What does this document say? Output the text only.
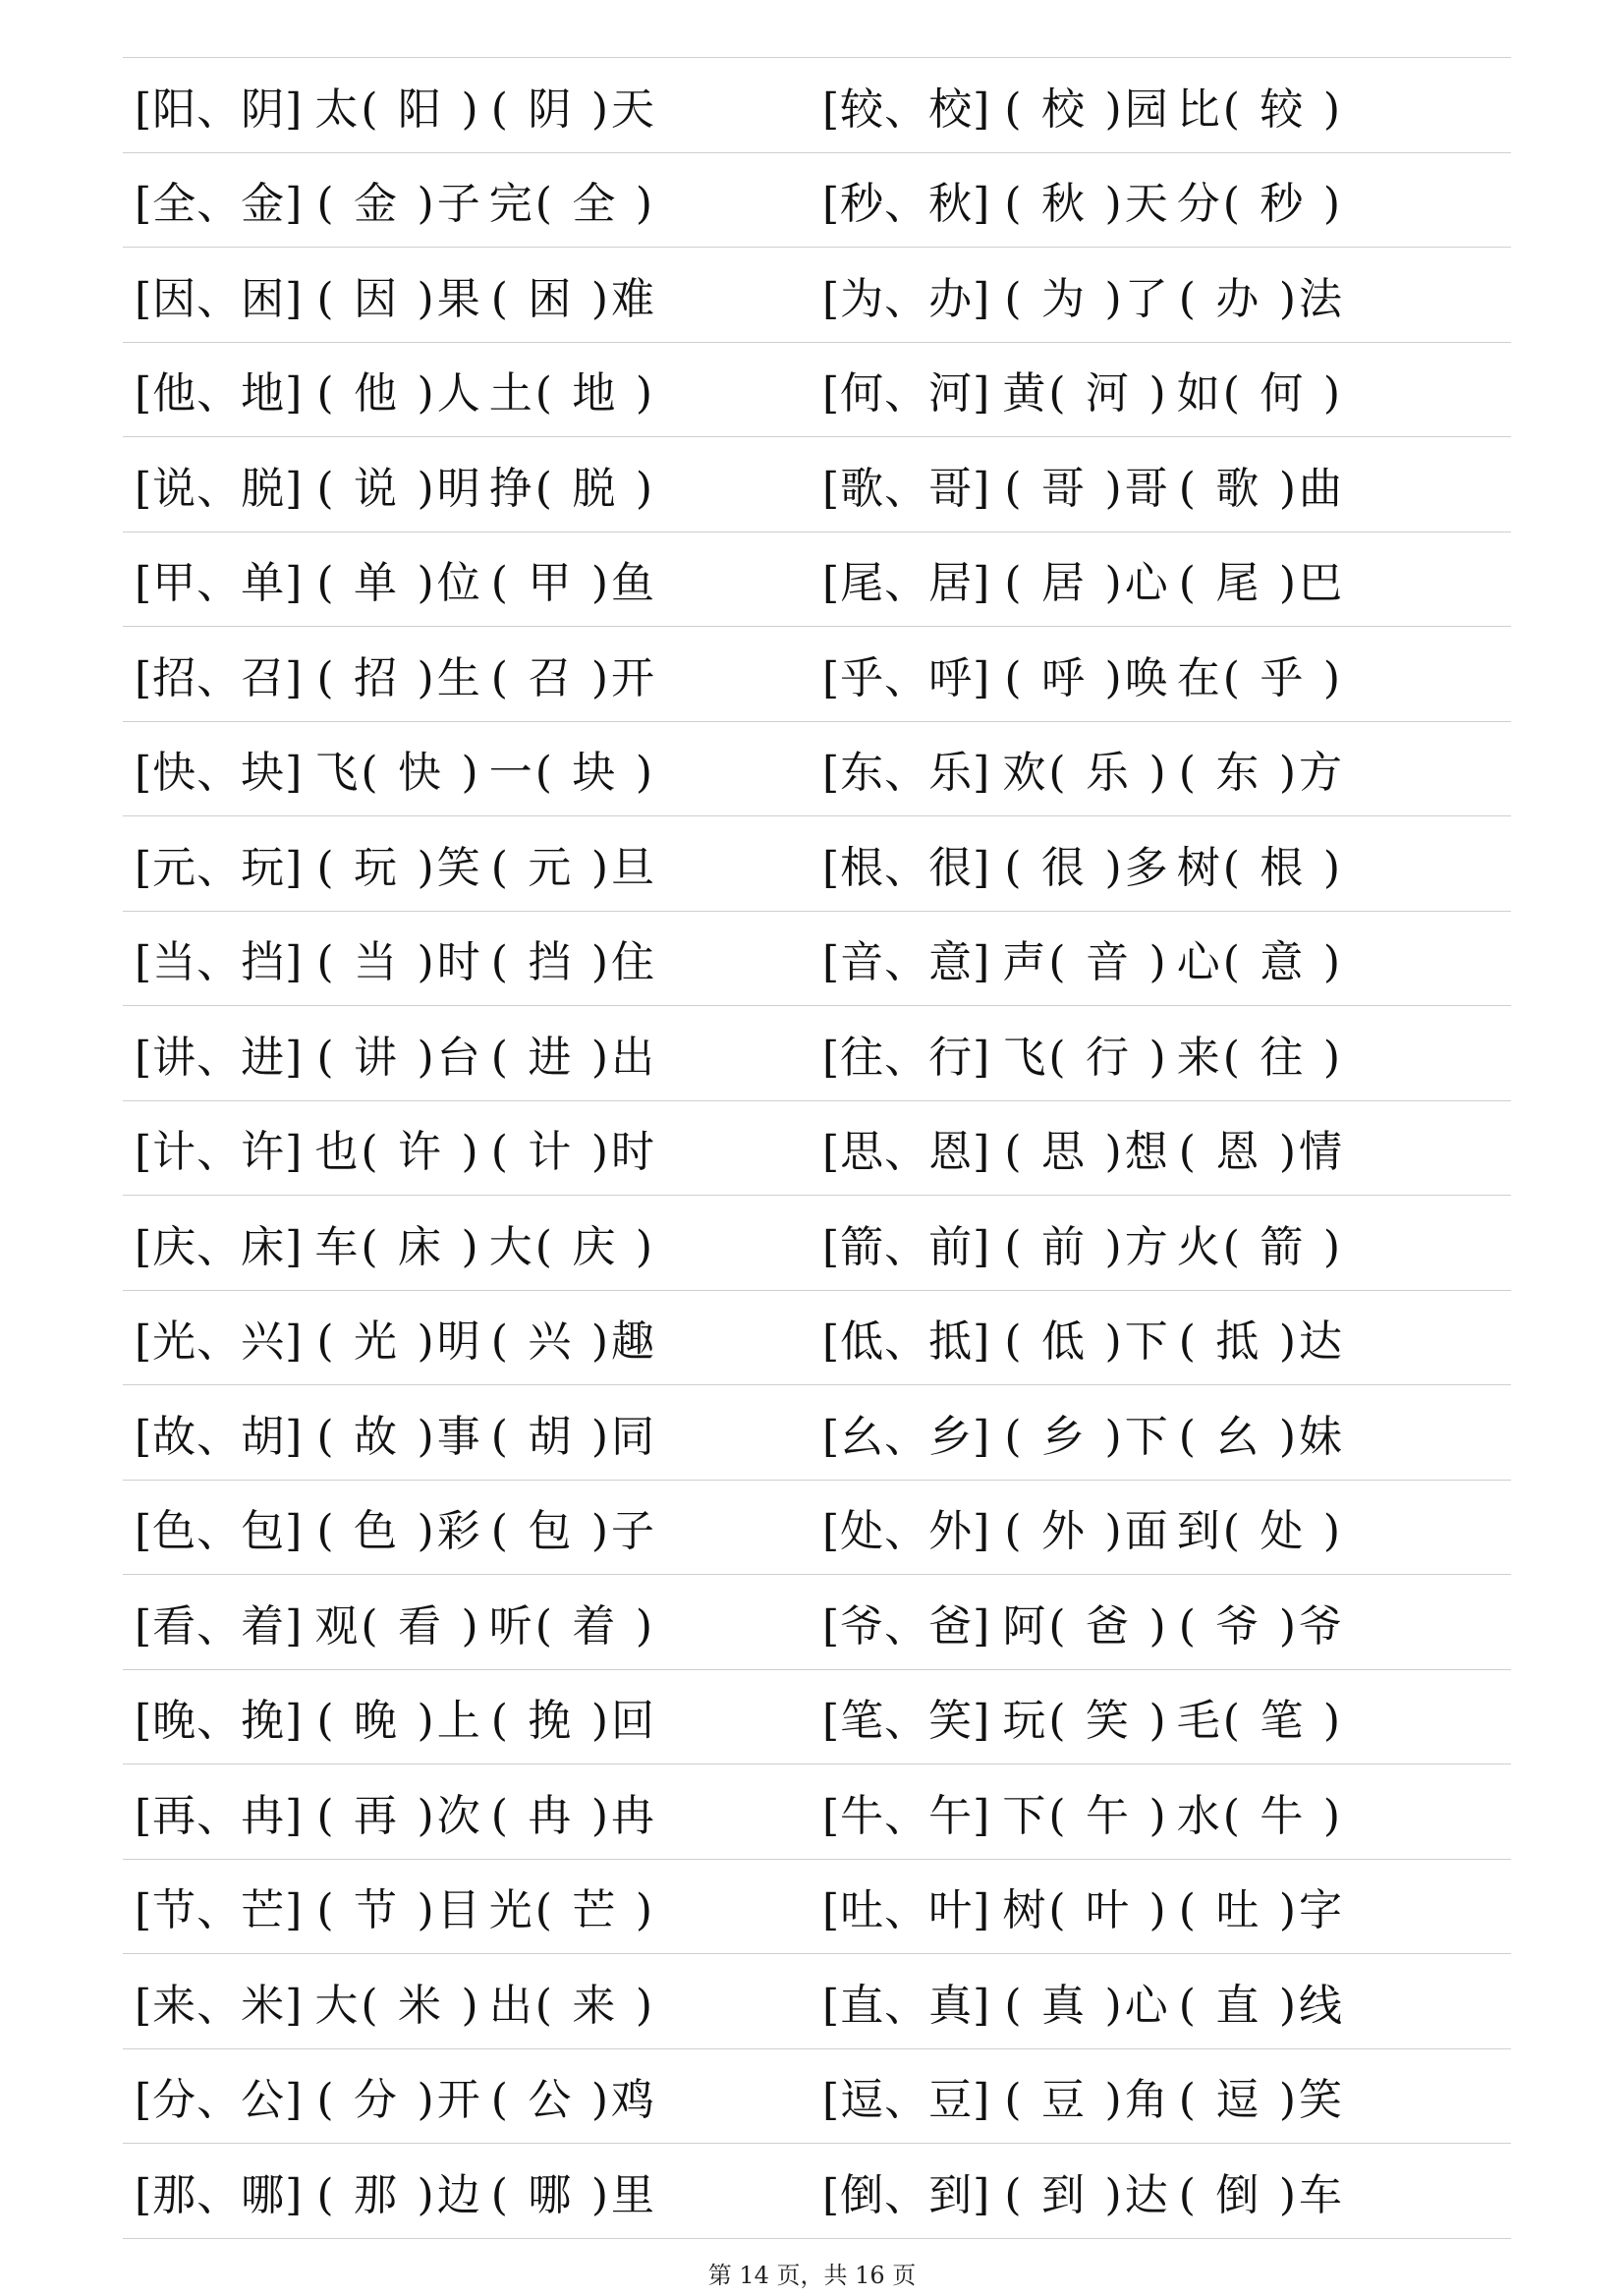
[阳、阴] 太 ( 阳 ) ( 阴 ) 天	[较、校] ( 校 ) 园 比 ( 较 )
[全、金] ( 金 ) 子 完 ( 全 )	[秒、秋] ( 秋 ) 天 分 ( 秒 )
[因、困] ( 因 ) 果 ( 困 ) 难	[为、办] ( 为 ) 了 ( 办 ) 法
[他、地] ( 他 ) 人 土 ( 地 )	[何、河] 黄 ( 河 ) 如 ( 何 )
[说、脱] ( 说 ) 明 挣 ( 脱 )	[歌、哥] ( 哥 ) 哥 ( 歌 ) 曲
[甲、单] ( 单 ) 位 ( 甲 ) 鱼	[尾、居] ( 居 ) 心 ( 尾 ) 巴
[招、召] ( 招 ) 生 ( 召 ) 开	[乎、呼] ( 呼 ) 唤 在 ( 乎 )
[快、块] 飞 ( 快 ) 一 ( 块 )	[东、乐] 欢 ( 乐 ) ( 东 ) 方
[元、玩] ( 玩 ) 笑 ( 元 ) 旦	[根、很] ( 很 ) 多 树 ( 根 )
[当、挡] ( 当 ) 时 ( 挡 ) 住	[音、意] 声 ( 音 ) 心 ( 意 )
[讲、进] ( 讲 ) 台 ( 进 ) 出	[往、行] 飞 ( 行 ) 来 ( 往 )
[计、许] 也 ( 许 ) ( 计 ) 时	[思、恩] ( 思 ) 想 ( 恩 ) 情
[庆、床] 车 ( 床 ) 大 ( 庆 )	[箭、前] ( 前 ) 方 火 ( 箭 )
[光、兴] ( 光 ) 明 ( 兴 ) 趣	[低、抵] ( 低 ) 下 ( 抵 ) 达
[故、胡] ( 故 ) 事 ( 胡 ) 同	[幺、乡] ( 乡 ) 下 ( 幺 ) 妹
[色、包] ( 色 ) 彩 ( 包 ) 子	[处、外] ( 外 ) 面 到 ( 处 )
[看、着] 观 ( 看 ) 听 ( 着 )	[爷、爸] 阿 ( 爸 ) ( 爷 ) 爷
[晚、挽] ( 晚 ) 上 ( 挽 ) 回	[笔、笑] 玩 ( 笑 ) 毛 ( 笔 )
[再、冉] ( 再 ) 次 ( 冉 ) 冉	[牛、午] 下 ( 午 ) 水 ( 牛 )
[节、芒] ( 节 ) 目 光 ( 芒 )	[吐、叶] 树 ( 叶 ) ( 吐 ) 字
[来、米] 大 ( 米 ) 出 ( 来 )	[直、真] ( 真 ) 心 ( 直 ) 线
[分、公] ( 分 ) 开 ( 公 ) 鸡	[逗、豆] ( 豆 ) 角 ( 逗 ) 笑
[那、哪] ( 那 ) 边 ( 哪 ) 里	[倒、到] ( 到 ) 达 ( 倒 ) 车
第 14 页，共 16 页
